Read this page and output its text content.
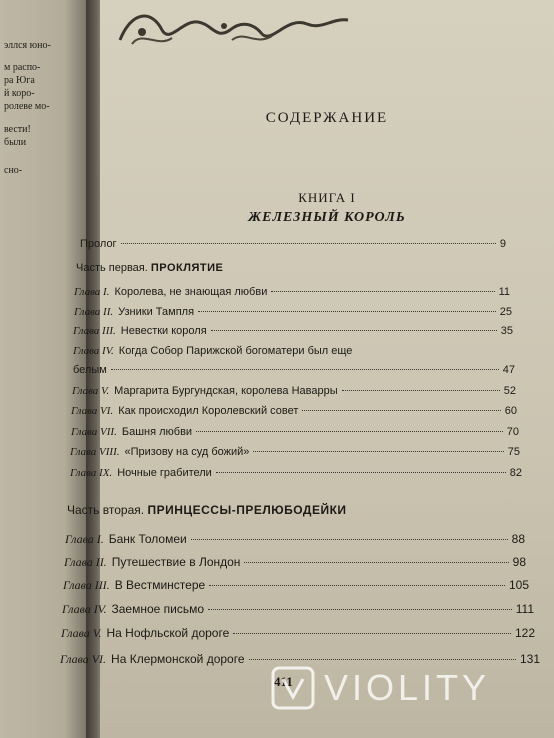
эллся юно-
м распо-
ра Юга
й коро-
ролеве мо-
вести!
были
сно-
СОДЕРЖАНИЕ
КНИГА I
ЖЕЛЕЗНЫЙ КОРОЛЬ
Пролог	9
Часть первая. ПРОКЛЯТИЕ
Глава I. Королева, не знающая любви	11
Глава II. Узники Тампля	25
Глава III. Невестки короля	35
Глава IV. Когда Собор Парижской богоматери был еще
белым	47
Глава V. Маргарита Бургундская, королева Наварры	52
Глава VI. Как происходил Королевский совет	60
Глава VII. Башня любви	70
Глава VIII. «Призову на суд божий»	75
Глава IX. Ночные грабители	82
Часть вторая. ПРИНЦЕССЫ-ПРЕЛЮБОДЕЙКИ
Глава I. Банк Толомеи	88
Глава II. Путешествие в Лондон	98
Глава III. В Вестминстере	105
Глава IV. Заемное письмо	111
Глава V. На Нофльской дороге	122
Глава VI. На Клермонской дороге	131
411 VIOLITY
